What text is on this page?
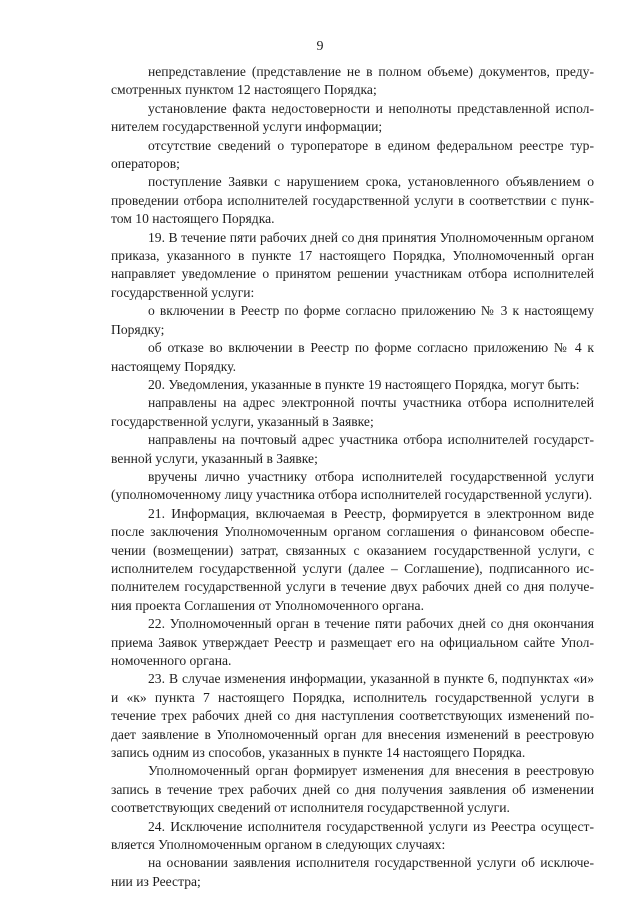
9

непредставление (представление не в полном объеме) документов, предусмотренных пунктом 12 настоящего Порядка;

установление факта недостоверности и неполноты представленной исполнителем государственной услуги информации;

отсутствие сведений о туроператоре в едином федеральном реестре туроператоров;

поступление Заявки с нарушением срока, установленного объявлением о проведении отбора исполнителей государственной услуги в соответствии с пунктом 10 настоящего Порядка.

19. В течение пяти рабочих дней со дня принятия Уполномоченным органом приказа, указанного в пункте 17 настоящего Порядка, Уполномоченный орган направляет уведомление о принятом решении участникам отбора исполнителей государственной услуги:

о включении в Реестр по форме согласно приложению № 3 к настоящему Порядку;

об отказе во включении в Реестр по форме согласно приложению № 4 к настоящему Порядку.

20. Уведомления, указанные в пункте 19 настоящего Порядка, могут быть:

направлены на адрес электронной почты участника отбора исполнителей государственной услуги, указанный в Заявке;

направлены на почтовый адрес участника отбора исполнителей государственной услуги, указанный в Заявке;

вручены лично участнику отбора исполнителей государственной услуги (уполномоченному лицу участника отбора исполнителей государственной услуги).

21. Информация, включаемая в Реестр, формируется в электронном виде после заключения Уполномоченным органом соглашения о финансовом обеспечении (возмещении) затрат, связанных с оказанием государственной услуги, с исполнителем государственной услуги (далее – Соглашение), подписанного исполнителем государственной услуги в течение двух рабочих дней со дня получения проекта Соглашения от Уполномоченного органа.

22. Уполномоченный орган в течение пяти рабочих дней со дня окончания приема Заявок утверждает Реестр и размещает его на официальном сайте Уполномоченного органа.

23. В случае изменения информации, указанной в пункте 6, подпунктах «и» и «к» пункта 7 настоящего Порядка, исполнитель государственной услуги в течение трех рабочих дней со дня наступления соответствующих изменений подает заявление в Уполномоченный орган для внесения изменений в реестровую запись одним из способов, указанных в пункте 14 настоящего Порядка.

Уполномоченный орган формирует изменения для внесения в реестровую запись в течение трех рабочих дней со дня получения заявления об изменении соответствующих сведений от исполнителя государственной услуги.

24. Исключение исполнителя государственной услуги из Реестра осуществляется Уполномоченным органом в следующих случаях:

на основании заявления исполнителя государственной услуги об исключении из Реестра;
